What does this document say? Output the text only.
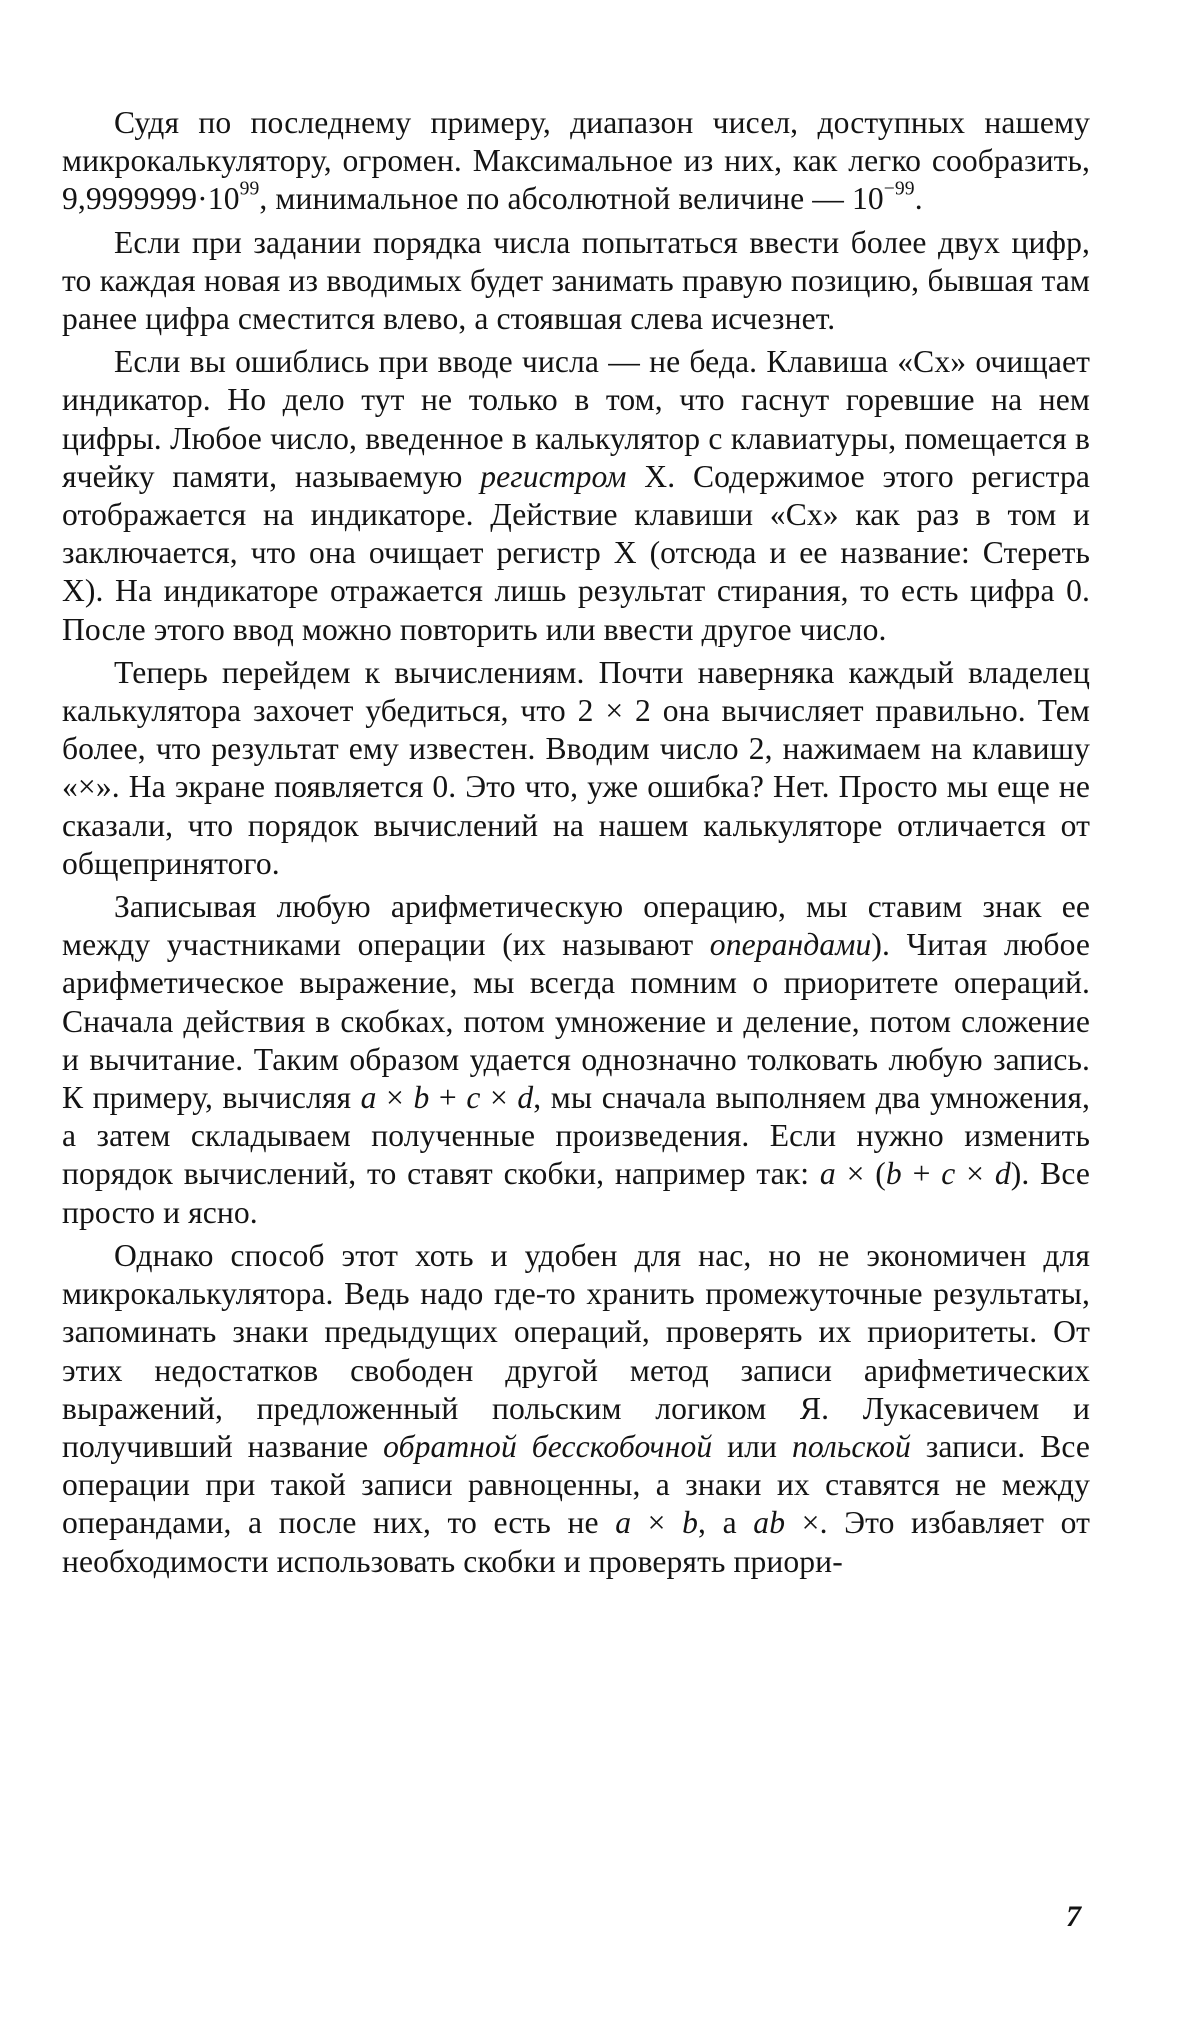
Судя по последнему примеру, диапазон чисел, доступных нашему микрокалькулятору, огромен. Максимальное из них, как легко сообразить, $9,9999999\cdot 10^{99}$, минимальное по абсолютной величине — $10^{-99}$.

Если при задании порядка числа попытаться ввести более двух цифр, то каждая новая из вводимых будет занимать правую позицию, бывшая там ранее цифра сместится влево, а стоявшая слева исчезнет.

Если вы ошиблись при вводе числа — не беда. Клавиша «Сх» очищает индикатор. Но дело тут не только в том, что гаснут горевшие на нем цифры. Любое число, введенное в калькулятор с клавиатуры, помещается в ячейку памяти, называемую регистром X. Содержимое этого регистра отображается на индикаторе. Действие клавиши «Сх» как раз в том и заключается, что она очищает регистр X (отсюда и ее название: Стереть X). На индикаторе отражается лишь результат стирания, то есть цифра 0. После этого ввод можно повторить или ввести другое число.

Теперь перейдем к вычислениям. Почти наверняка каждый владелец калькулятора захочет убедиться, что 2 × 2 она вычисляет правильно. Тем более, что результат ему известен. Вводим число 2, нажимаем на клавишу «×». На экране появляется 0. Это что, уже ошибка? Нет. Просто мы еще не сказали, что порядок вычислений на нашем калькуляторе отличается от общепринятого.

Записывая любую арифметическую операцию, мы ставим знак ее между участниками операции (их называют операндами). Читая любое арифметическое выражение, мы всегда помним о приоритете операций. Сначала действия в скобках, потом умножение и деление, потом сложение и вычитание. Таким образом удается однозначно толковать любую запись. К примеру, вычисляя a × b + c × d, мы сначала выполняем два умножения, а затем складываем полученные произведения. Если нужно изменить порядок вычислений, то ставят скобки, например так: a × (b + c × d). Все просто и ясно.

Однако способ этот хоть и удобен для нас, но не экономичен для микрокалькулятора. Ведь надо где-то хранить промежуточные результаты, запоминать знаки предыдущих операций, проверять их приоритеты. От этих недостатков свободен другой метод записи арифметических выражений, предложенный польским логиком Я. Лукасевичем и получивший название обратной бесскобочной или польской записи. Все операции при такой записи равноценны, а знаки их ставятся не между операндами, а после них, то есть не a × b, а ab ×. Это избавляет от необходимости использовать скобки и проверять приори-

7
